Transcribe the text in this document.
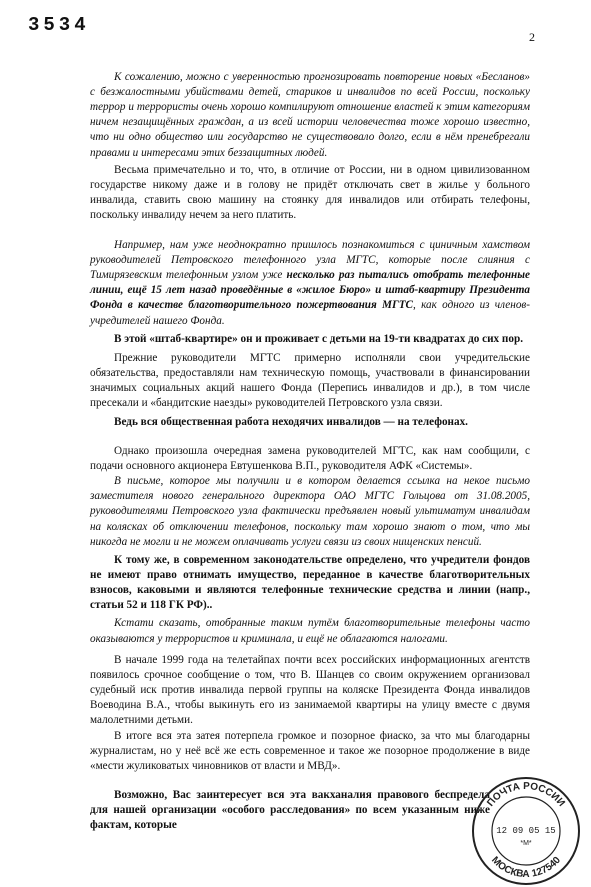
3534
2

К сожалению, можно с уверенностью прогнозировать повторение новых «Бесланов» с безжалостными убийствами детей, стариков и инвалидов по всей России, поскольку террор и террористы очень хорошо компилируют отношение властей к этим категориям ничем незащищённых граждан, а из всей истории человечества тоже хорошо известно, что ни одно общество или государство не существовало долго, если в нём пренебрегали правами и интересами этих беззащитных людей.

Весьма примечательно и то, что, в отличие от России, ни в одном цивилизованном государстве никому даже и в голову не придёт отключать свет в жилье у больного инвалида, ставить свою машину на стоянку для инвалидов или отбирать телефоны, поскольку инвалиду нечем за него платить.

Например, нам уже неоднократно пришлось познакомиться с циничным хамством руководителей Петровского телефонного узла МГТС, которые после слияния с Тимирязевским телефонным узлом уже несколько раз пытались отобрать телефонные линии, ещё 15 лет назад проведённые в «жилое Бюро» и штаб-квартиру Президента Фонда в качестве благотворительного пожертвования МГТС, как одного из членов-учредителей нашего Фонда.

В этой «штаб-квартире» он и проживает с детьми на 19-ти квадратах до сих пор.

Прежние руководители МГТС примерно исполняли свои учредительские обязательства, предоставляли нам техническую помощь, участвовали в финансировании значимых социальных акций нашего Фонда (Перепись инвалидов и др.), в том числе пресекали и «бандитские наезды» руководителей Петровского узла связи.

Ведь вся общественная работа неходячих инвалидов — на телефонах.

Однако произошла очередная замена руководителей МГТС, как нам сообщили, с подачи основного акционера Евтушенкова В.П., руководителя АФК «Системы».

В письме, которое мы получили и в котором делается ссылка на некое письмо заместителя нового генерального директора ОАО МГТС Гольцова от 31.08.2005, руководителями Петровского узла фактически предъявлен новый ультиматум инвалидам на колясках об отключении телефонов, поскольку там хорошо знают о том, что мы никогда не могли и не можем оплачивать услуги связи из своих нищенских пенсий.

К тому же, в современном законодательстве определено, что учредители фондов не имеют право отнимать имущество, переданное в качестве благотворительных взносов, каковыми и являются телефонные технические средства и линии (напр., статьи 52 и 118 ГК РФ)..

Кстати сказать, отобранные таким путём благотворительные телефоны часто оказываются у террористов и криминала, и ещё не облагаются налогами.

В начале 1999 года на телетайпах почти всех российских информационных агентств появилось срочное сообщение о том, что В. Шанцев со своим окружением организовал судебный иск против инвалида первой группы на коляске Президента Фонда инвалидов Воеводина В.А., чтобы выкинуть его из занимаемой квартиры на улицу вместе с двумя малолетними детьми.

В итоге вся эта затея потерпела громкое и позорное фиаско, за что мы благодарны журналистам, но у неё всё же есть современное и такое же позорное продолжение в виде «мести жуликоватых чиновников от власти и МВД».

Возможно, Вас заинтересует вся эта вакханалия правового беспредела для нашей организации «особого расследования» по всем указанным ниже фактам, которые

ПОЧТА РОССИИ
12 09 05 15
*М*
МОСКВА 127540
